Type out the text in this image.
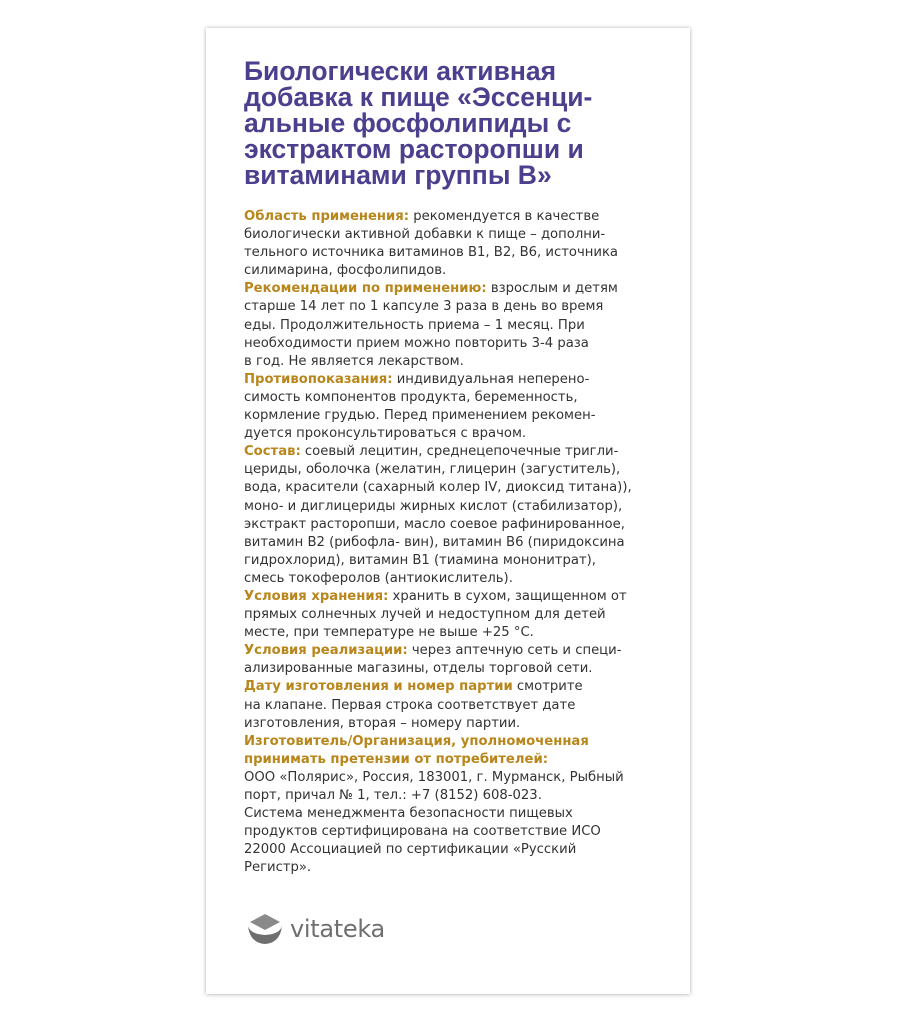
Биологически активная
добавка к пище «Эссенци-
альные фосфолипиды с
экстрактом расторопши и
витаминами группы В»
Область применения: рекомендуется в качестве
биологически активной добавки к пище – дополни-
тельного источника витаминов В1, В2, В6, источника
силимарина, фосфолипидов.
Рекомендации по применению: взрослым и детям
старше 14 лет по 1 капсуле 3 раза в день во время
еды. Продолжительность приема – 1 месяц. При
необходимости прием можно повторить 3-4 раза
в год. Не является лекарством.
Противопоказания: индивидуальная неперено-
симость компонентов продукта, беременность,
кормление грудью. Перед применением рекомен-
дуется проконсультироваться с врачом.
Состав: соевый лецитин, среднецепочечные тригли-
цериды, оболочка (желатин, глицерин (загуститель),
вода, красители (сахарный колер IV, диоксид титана)),
моно- и диглицериды жирных кислот (стабилизатор),
экстракт расторопши, масло соевое рафинированное,
витамин В2 (рибофла- вин), витамин В6 (пиридоксина
гидрохлорид), витамин В1 (тиамина мононитрат),
смесь токоферолов (антиокислитель).
Условия хранения: хранить в сухом, защищенном от
прямых солнечных лучей и недоступном для детей
месте, при температуре не выше +25 °С.
Условия реализации: через аптечную сеть и специ-
ализированные магазины, отделы торговой сети.
Дату изготовления и номер партии смотрите
на клапане. Первая строка соответствует дате
изготовления, вторая – номеру партии.
Изготовитель/Организация, уполномоченная
принимать претензии от потребителей:
ООО «Полярис», Россия, 183001, г. Мурманск, Рыбный
порт, причал № 1, тел.: +7 (8152) 608-023.
Система менеджмента безопасности пищевых
продуктов сертифицирована на соответствие ИСО
22000 Ассоциацией по сертификации «Русский
Регистр».
vitateka
